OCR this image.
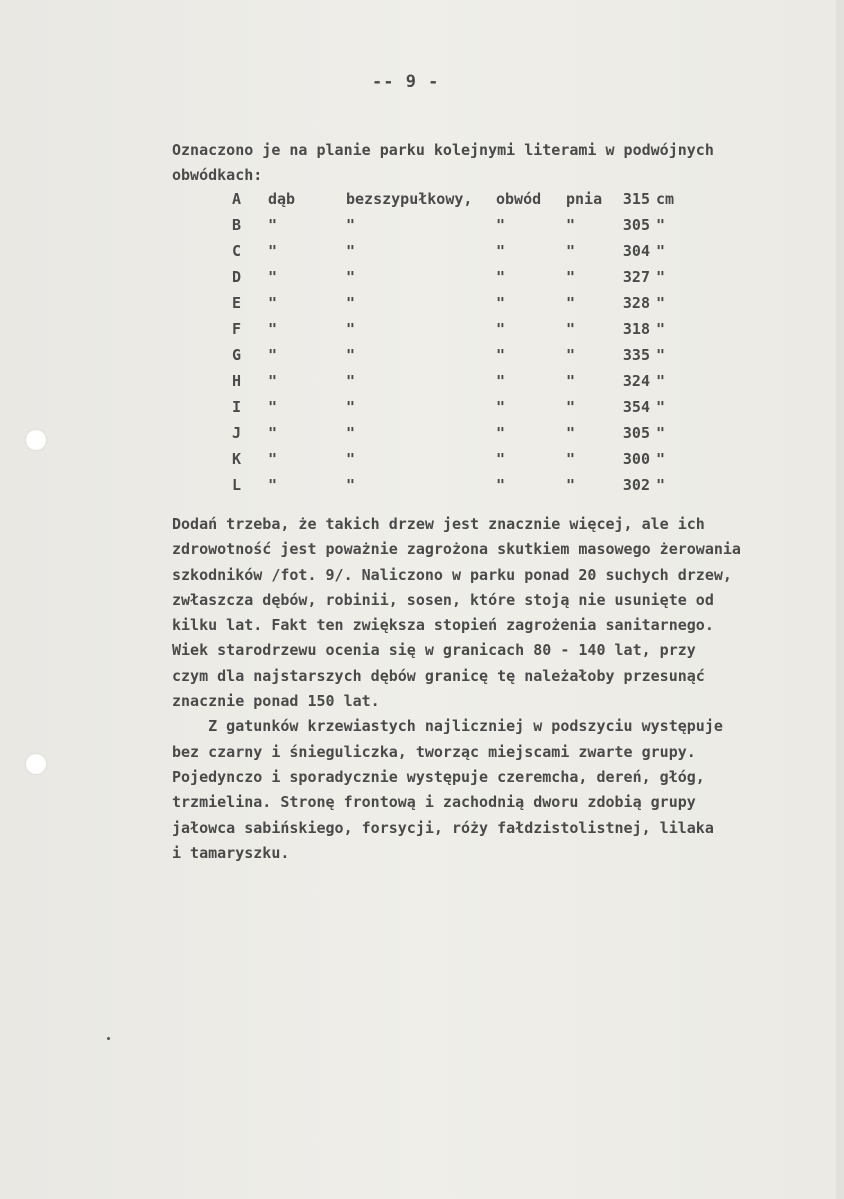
-- 9 -
Oznaczono je na planie parku kolejnymi literami w podwójnych
obwódkach:
A	dąb	bezszypułkowy,	obwód	pnia	315	cm
B	"	"	"	"	305	"
C	"	"	"	"	304	"
D	"	"	"	"	327	"
E	"	"	"	"	328	"
F	"	"	"	"	318	"
G	"	"	"	"	335	"
H	"	"	"	"	324	"
I	"	"	"	"	354	"
J	"	"	"	"	305	"
K	"	"	"	"	300	"
L	"	"	"	"	302	"
Dodań trzeba, że takich drzew jest znacznie więcej, ale ich
zdrowotność jest poważnie zagrożona skutkiem masowego żerowania
szkodników /fot. 9/. Naliczono w parku ponad 20 suchych drzew,
zwłaszcza dębów, robinii, sosen, które stoją nie usunięte od
kilku lat. Fakt ten zwiększa stopień zagrożenia sanitarnego.
Wiek starodrzewu ocenia się w granicach 80 - 140 lat, przy
czym dla najstarszych dębów granicę tę należałoby przesunąć
znacznie ponad 150 lat.
Z gatunków krzewiastych najliczniej w podszyciu występuje
bez czarny i śnieguliczka, tworząc miejscami zwarte grupy.
Pojedynczo i sporadycznie występuje czeremcha, dereń, głóg,
trzmielina. Stronę frontową i zachodnią dworu zdobią grupy
jałowca sabińskiego, forsycji, róży fałdzistolistnej, lilaka
i tamaryszku.
